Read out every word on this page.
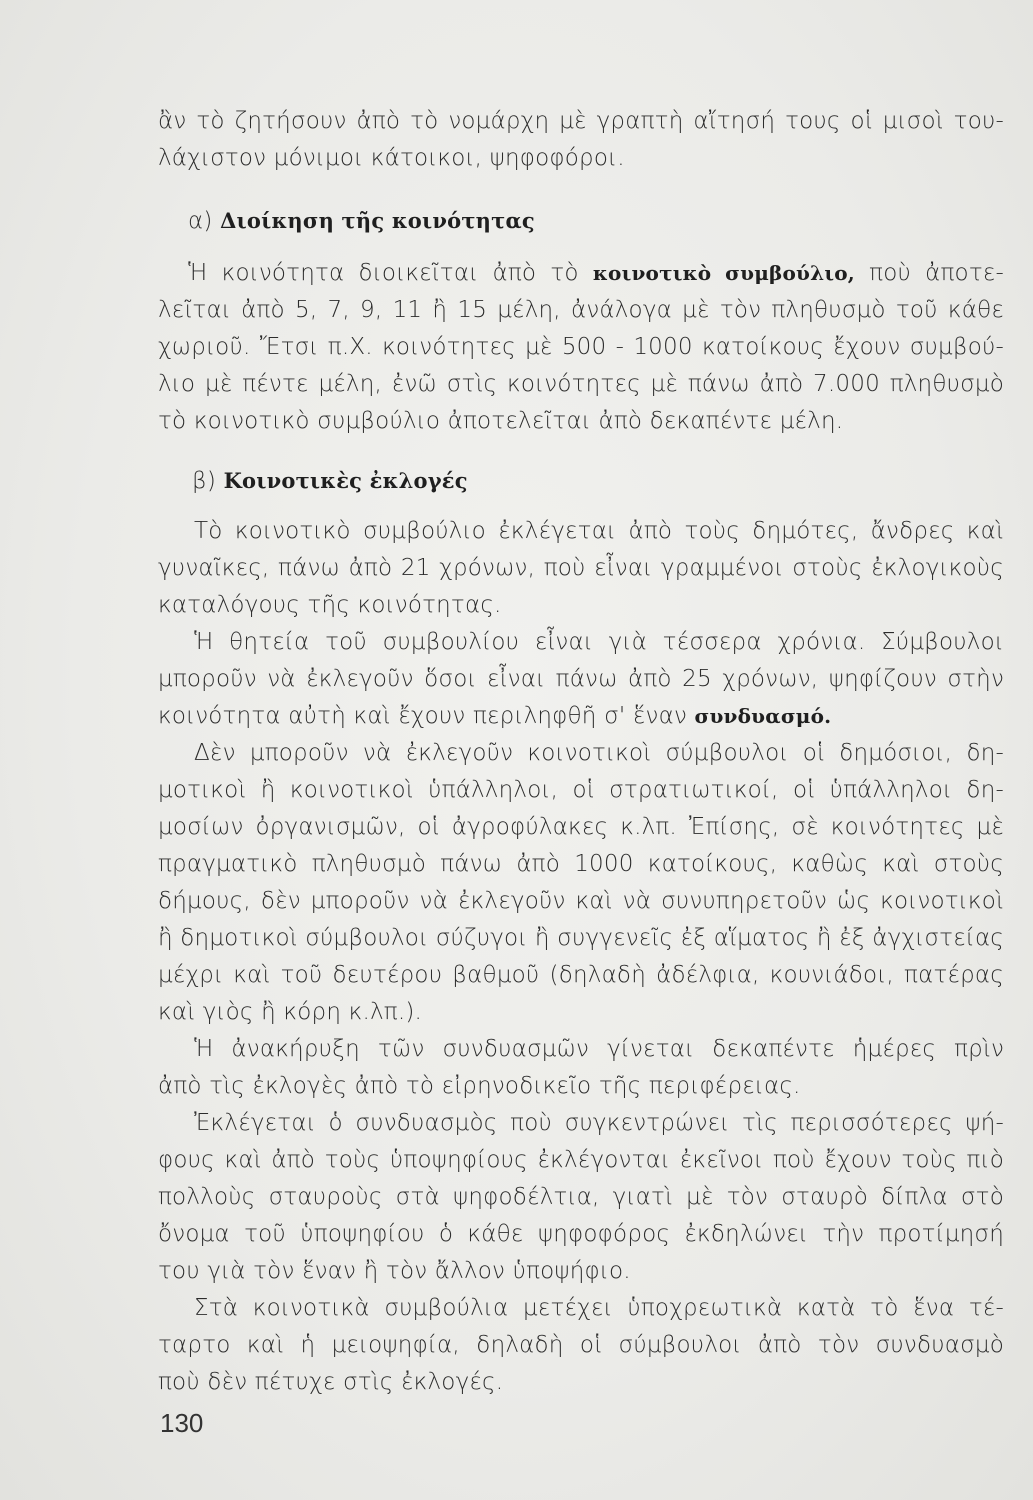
ἂν τὸ ζητήσουν ἀπὸ τὸ νομάρχη μὲ γραπτὴ αἴτησή τους οἱ μισοὶ του-
λάχιστον μόνιμοι κάτοικοι, ψηφοφόροι.
α) Διοίκηση τῆς κοινότητας
Ἡ κοινότητα διοικεῖται ἀπὸ τὸ κοινοτικὸ συμβούλιο, ποὺ ἀποτε-
λεῖται ἀπὸ 5, 7, 9, 11 ἢ 15 μέλη, ἀνάλογα μὲ τὸν πληθυσμὸ τοῦ κάθε
χωριοῦ. Ἔτσι π.Χ. κοινότητες μὲ 500 - 1000 κατοίκους ἔχουν συμβού-
λιο μὲ πέντε μέλη, ἐνῶ στὶς κοινότητες μὲ πάνω ἀπὸ 7.000 πληθυσμὸ
τὸ κοινοτικὸ συμβούλιο ἀποτελεῖται ἀπὸ δεκαπέντε μέλη.
β) Κοινοτικὲς ἐκλογές
Τὸ κοινοτικὸ συμβούλιο ἐκλέγεται ἀπὸ τοὺς δημότες, ἄνδρες καὶ
γυναῖκες, πάνω ἀπὸ 21 χρόνων, ποὺ εἶναι γραμμένοι στοὺς ἐκλογικοὺς
καταλόγους τῆς κοινότητας.
Ἡ θητεία τοῦ συμβουλίου εἶναι γιὰ τέσσερα χρόνια. Σύμβουλοι
μποροῦν νὰ ἐκλεγοῦν ὅσοι εἶναι πάνω ἀπὸ 25 χρόνων, ψηφίζουν στὴν
κοινότητα αὐτὴ καὶ ἔχουν περιληφθῆ σ' ἕναν συνδυασμό.
Δὲν μποροῦν νὰ ἐκλεγοῦν κοινοτικοὶ σύμβουλοι οἱ δημόσιοι, δη-
μοτικοὶ ἢ κοινοτικοὶ ὑπάλληλοι, οἱ στρατιωτικοί, οἱ ὑπάλληλοι δη-
μοσίων ὀργανισμῶν, οἱ ἀγροφύλακες κ.λπ. Ἐπίσης, σὲ κοινότητες μὲ
πραγματικὸ πληθυσμὸ πάνω ἀπὸ 1000 κατοίκους, καθὼς καὶ στοὺς
δήμους, δὲν μποροῦν νὰ ἐκλεγοῦν καὶ νὰ συνυπηρετοῦν ὡς κοινοτικοὶ
ἢ δημοτικοὶ σύμβουλοι σύζυγοι ἢ συγγενεῖς ἐξ αἵματος ἢ ἐξ ἀγχιστείας
μέχρι καὶ τοῦ δευτέρου βαθμοῦ (δηλαδὴ ἀδέλφια, κουνιάδοι, πατέρας
καὶ γιὸς ἢ κόρη κ.λπ.).
Ἡ ἀνακήρυξη τῶν συνδυασμῶν γίνεται δεκαπέντε ἡμέρες πρὶν
ἀπὸ τὶς ἐκλογὲς ἀπὸ τὸ εἰρηνοδικεῖο τῆς περιφέρειας.
Ἐκλέγεται ὁ συνδυασμὸς ποὺ συγκεντρώνει τὶς περισσότερες ψή-
φους καὶ ἀπὸ τοὺς ὑποψηφίους ἐκλέγονται ἐκεῖνοι ποὺ ἔχουν τοὺς πιὸ
πολλοὺς σταυροὺς στὰ ψηφοδέλτια, γιατὶ μὲ τὸν σταυρὸ δίπλα στὸ
ὄνομα τοῦ ὑποψηφίου ὁ κάθε ψηφοφόρος ἐκδηλώνει τὴν προτίμησή
του γιὰ τὸν ἕναν ἢ τὸν ἄλλον ὑποψήφιο.
Στὰ κοινοτικὰ συμβούλια μετέχει ὑποχρεωτικὰ κατὰ τὸ ἕνα τέ-
ταρτο καὶ ἡ μειοψηφία, δηλαδὴ οἱ σύμβουλοι ἀπὸ τὸν συνδυασμὸ
ποὺ δὲν πέτυχε στὶς ἐκλογές.
130
